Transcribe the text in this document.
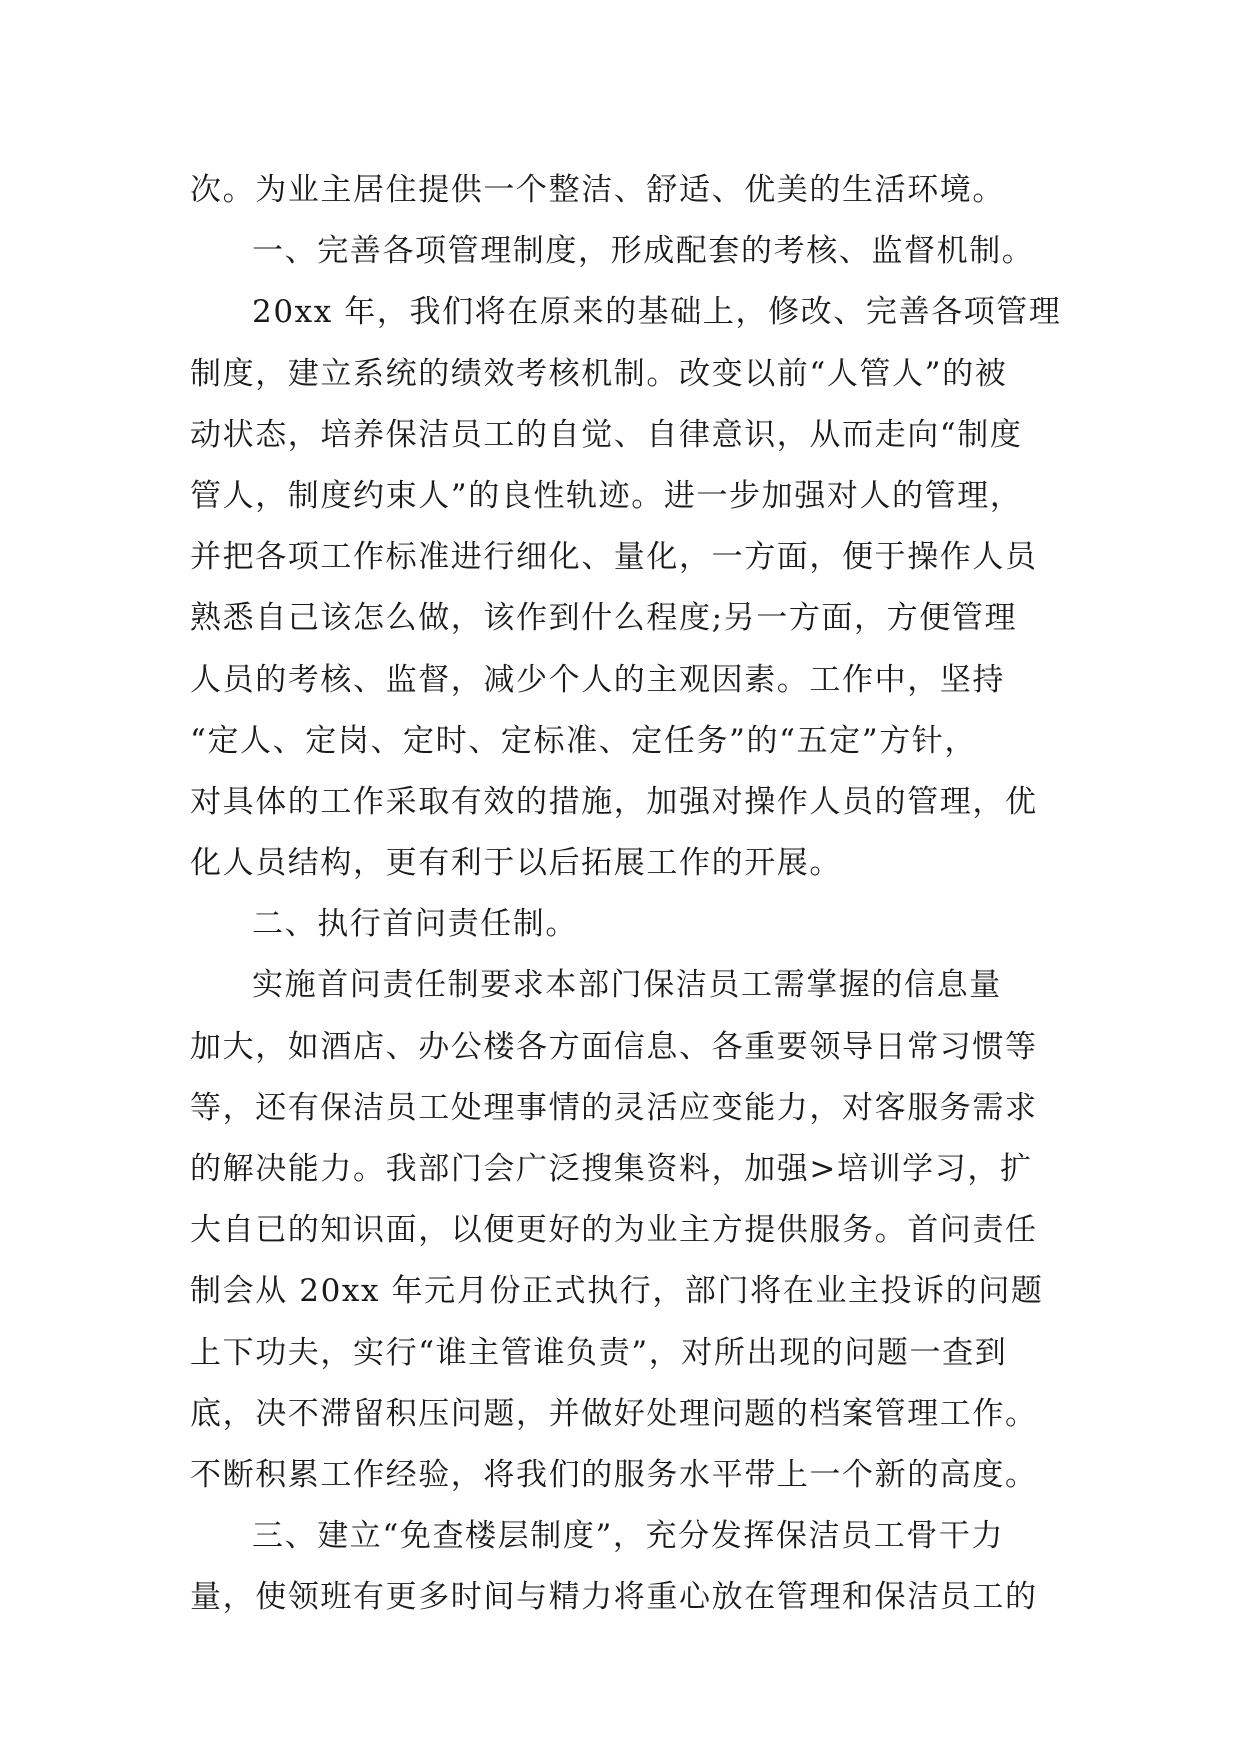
次。为业主居住提供一个整洁、舒适、优美的生活环境。
一、完善各项管理制度，形成配套的考核、监督机制。
20xx 年，我们将在原来的基础上，修改、完善各项管理
制度，建立系统的绩效考核机制。改变以前“人管人”的被
动状态，培养保洁员工的自觉、自律意识，从而走向“制度
管人，制度约束人”的良性轨迹。进一步加强对人的管理，
并把各项工作标准进行细化、量化，一方面，便于操作人员
熟悉自己该怎么做，该作到什么程度;另一方面，方便管理
人员的考核、监督，减少个人的主观因素。工作中，坚持
“定人、定岗、定时、定标准、定任务”的“五定”方针，
对具体的工作采取有效的措施，加强对操作人员的管理，优
化人员结构，更有利于以后拓展工作的开展。
二、执行首问责任制。
实施首问责任制要求本部门保洁员工需掌握的信息量
加大，如酒店、办公楼各方面信息、各重要领导日常习惯等
等，还有保洁员工处理事情的灵活应变能力，对客服务需求
的解决能力。我部门会广泛搜集资料，加强>培训学习，扩
大自已的知识面，以便更好的为业主方提供服务。首问责任
制会从 20xx 年元月份正式执行，部门将在业主投诉的问题
上下功夫，实行“谁主管谁负责”，对所出现的问题一查到
底，决不滞留积压问题，并做好处理问题的档案管理工作。
不断积累工作经验，将我们的服务水平带上一个新的高度。
三、建立“免查楼层制度”，充分发挥保洁员工骨干力
量，使领班有更多时间与精力将重心放在管理和保洁员工的
